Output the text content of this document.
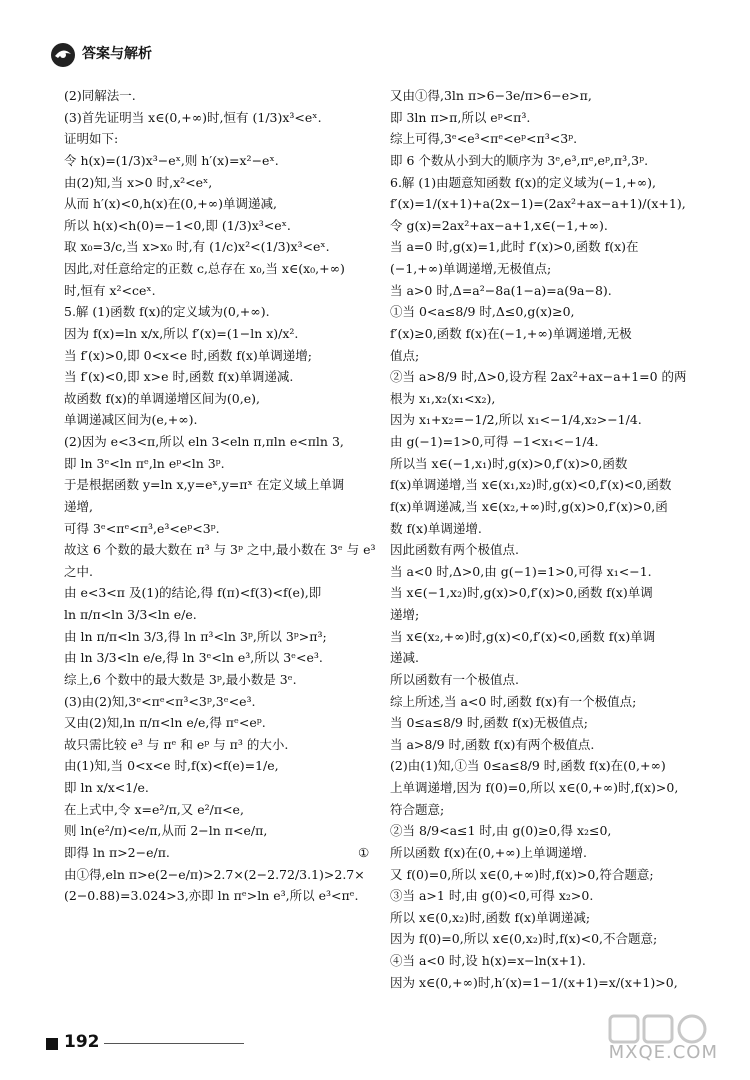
答案与解析
(2)同解法一.
(3)首先证明当 x∈(0,+∞)时,恒有 (1/3)x³<eˣ.
证明如下:
令 h(x)=(1/3)x³−eˣ,则 h′(x)=x²−eˣ.
由(2)知,当 x>0 时,x²<eˣ,
从而 h′(x)<0,h(x)在(0,+∞)单调递减,
所以 h(x)<h(0)=−1<0,即 (1/3)x³<eˣ.
取 x₀=3/c,当 x>x₀ 时,有 (1/c)x²<(1/3)x³<eˣ.
因此,对任意给定的正数 c,总存在 x₀,当 x∈(x₀,+∞)
时,恒有 x²<ceˣ.
5.解 (1)函数 f(x)的定义域为(0,+∞).
因为 f(x)=ln x/x,所以 f′(x)=(1−ln x)/x².
当 f′(x)>0,即 0<x<e 时,函数 f(x)单调递增;
当 f′(x)<0,即 x>e 时,函数 f(x)单调递减.
故函数 f(x)的单调递增区间为(0,e),
单调递减区间为(e,+∞).
(2)因为 e<3<π,所以 eln 3<eln π,πln e<πln 3,
即 ln 3ᵉ<ln πᵉ,ln eᵖ<ln 3ᵖ.
于是根据函数 y=ln x,y=eˣ,y=πˣ 在定义域上单调
递增,
可得 3ᵉ<πᵉ<π³,e³<eᵖ<3ᵖ.
故这 6 个数的最大数在 π³ 与 3ᵖ 之中,最小数在 3ᵉ 与 e³
之中.
由 e<3<π 及(1)的结论,得 f(π)<f(3)<f(e),即
ln π/π<ln 3/3<ln e/e.
由 ln π/π<ln 3/3,得 ln π³<ln 3ᵖ,所以 3ᵖ>π³;
由 ln 3/3<ln e/e,得 ln 3ᵉ<ln e³,所以 3ᵉ<e³.
综上,6 个数中的最大数是 3ᵖ,最小数是 3ᵉ.
(3)由(2)知,3ᵉ<πᵉ<π³<3ᵖ,3ᵉ<e³.
又由(2)知,ln π/π<ln e/e,得 πᵉ<eᵖ.
故只需比较 e³ 与 πᵉ 和 eᵖ 与 π³ 的大小.
由(1)知,当 0<x<e 时,f(x)<f(e)=1/e,
即 ln x/x<1/e.
在上式中,令 x=e²/π,又 e²/π<e,
则 ln(e²/π)<e/π,从而 2−ln π<e/π,
即得 ln π>2−e/π.	①
由①得,eln π>e(2−e/π)>2.7×(2−2.72/3.1)>2.7×
(2−0.88)=3.024>3,亦即 ln πᵉ>ln e³,所以 e³<πᵉ.
又由①得,3ln π>6−3e/π>6−e>π,
即 3ln π>π,所以 eᵖ<π³.
综上可得,3ᵉ<e³<πᵉ<eᵖ<π³<3ᵖ.
即 6 个数从小到大的顺序为 3ᵉ,e³,πᵉ,eᵖ,π³,3ᵖ.
6.解 (1)由题意知函数 f(x)的定义域为(−1,+∞),
f′(x)=1/(x+1)+a(2x−1)=(2ax²+ax−a+1)/(x+1),
令 g(x)=2ax²+ax−a+1,x∈(−1,+∞).
当 a=0 时,g(x)=1,此时 f′(x)>0,函数 f(x)在
(−1,+∞)单调递增,无极值点;
当 a>0 时,Δ=a²−8a(1−a)=a(9a−8).
①当 0<a≤8/9 时,Δ≤0,g(x)≥0,
f′(x)≥0,函数 f(x)在(−1,+∞)单调递增,无极
值点;
②当 a>8/9 时,Δ>0,设方程 2ax²+ax−a+1=0 的两
根为 x₁,x₂(x₁<x₂),
因为 x₁+x₂=−1/2,所以 x₁<−1/4,x₂>−1/4.
由 g(−1)=1>0,可得 −1<x₁<−1/4.
所以当 x∈(−1,x₁)时,g(x)>0,f′(x)>0,函数
f(x)单调递增,当 x∈(x₁,x₂)时,g(x)<0,f′(x)<0,函数
f(x)单调递减,当 x∈(x₂,+∞)时,g(x)>0,f′(x)>0,函
数 f(x)单调递增.
因此函数有两个极值点.
当 a<0 时,Δ>0,由 g(−1)=1>0,可得 x₁<−1.
当 x∈(−1,x₂)时,g(x)>0,f′(x)>0,函数 f(x)单调
递增;
当 x∈(x₂,+∞)时,g(x)<0,f′(x)<0,函数 f(x)单调
递减.
所以函数有一个极值点.
综上所述,当 a<0 时,函数 f(x)有一个极值点;
当 0≤a≤8/9 时,函数 f(x)无极值点;
当 a>8/9 时,函数 f(x)有两个极值点.
(2)由(1)知,①当 0≤a≤8/9 时,函数 f(x)在(0,+∞)
上单调递增,因为 f(0)=0,所以 x∈(0,+∞)时,f(x)>0,
符合题意;
②当 8/9<a≤1 时,由 g(0)≥0,得 x₂≤0,
所以函数 f(x)在(0,+∞)上单调递增.
又 f(0)=0,所以 x∈(0,+∞)时,f(x)>0,符合题意;
③当 a>1 时,由 g(0)<0,可得 x₂>0.
所以 x∈(0,x₂)时,函数 f(x)单调递减;
因为 f(0)=0,所以 x∈(0,x₂)时,f(x)<0,不合题意;
④当 a<0 时,设 h(x)=x−ln(x+1).
因为 x∈(0,+∞)时,h′(x)=1−1/(x+1)=x/(x+1)>0,
192	MXQE.COM
